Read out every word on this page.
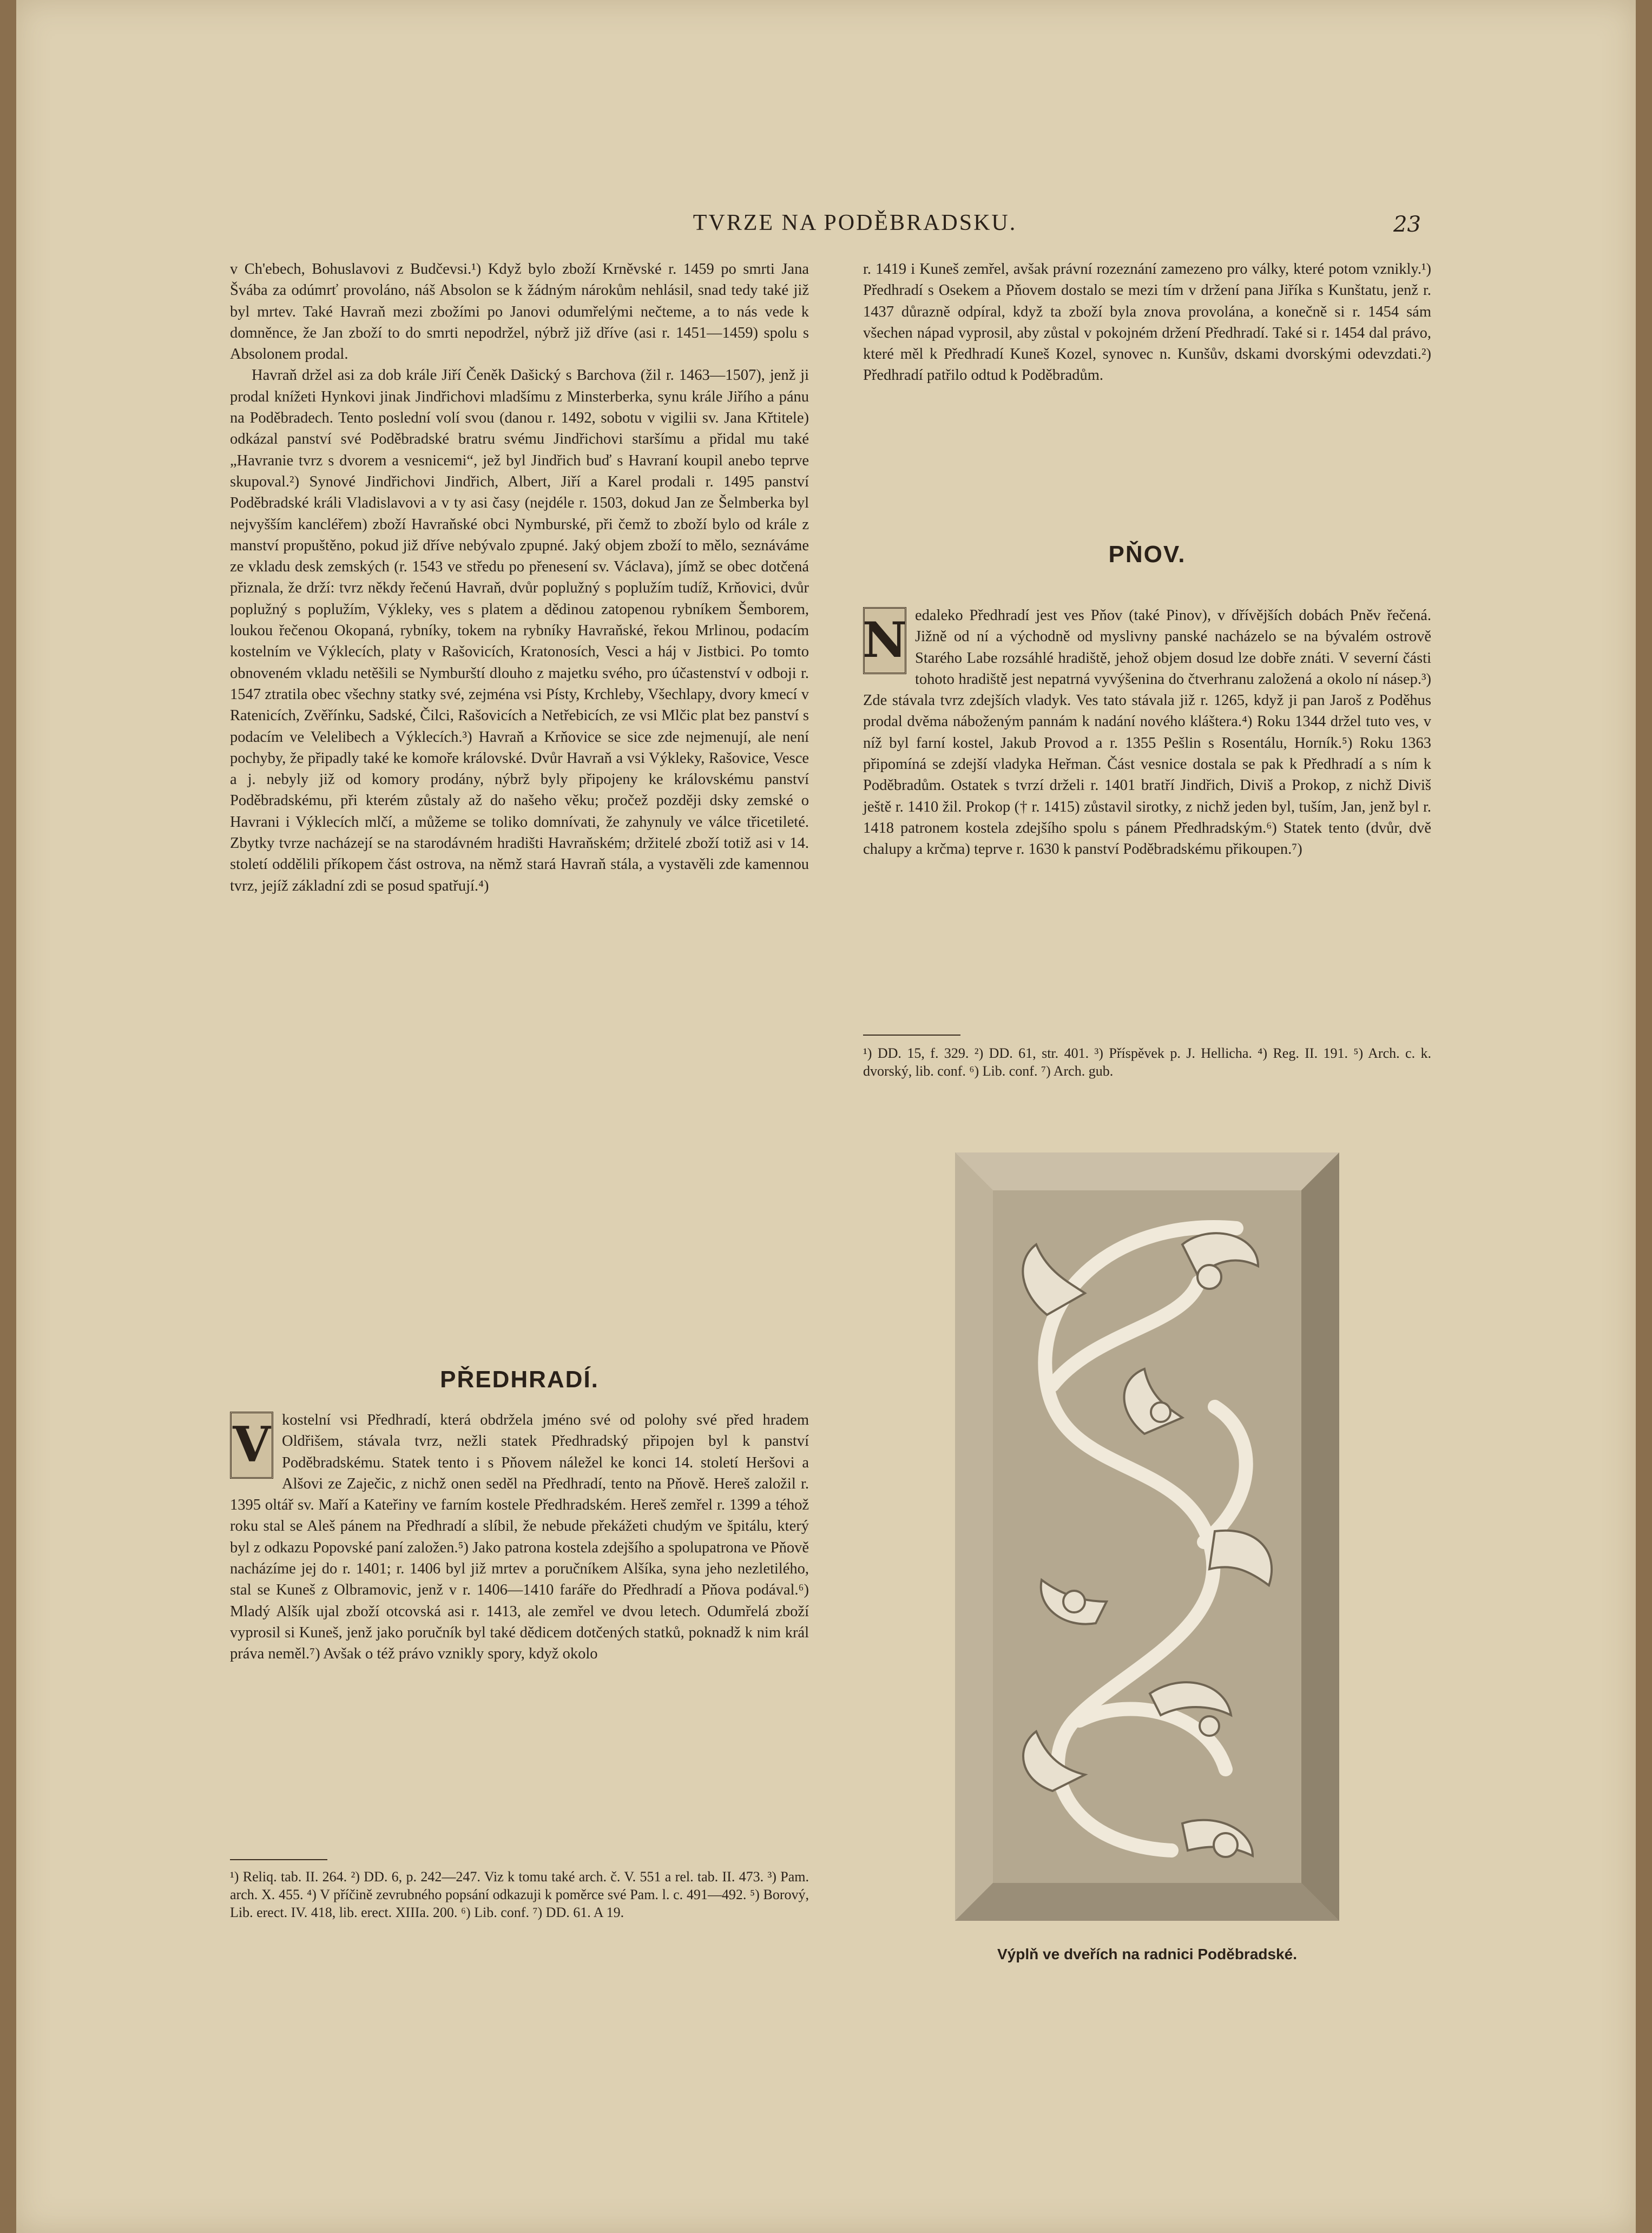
TVRZE NA PODĚBRADSKU.	23

v Ch'ebech, Bohuslavovi z Budčevsi.¹) Když bylo zboží Krněvské r. 1459 po smrti Jana Švába za odúmrť provoláno, náš Absolon se k žádným nárokům nehlásil, snad tedy také již byl mrtev. Také Havraň mezi zbožími po Janovi odumřelými nečteme, a to nás vede k domněnce, že Jan zboží to do smrti nepodržel, nýbrž již dříve (asi r. 1451—1459) spolu s Absolonem prodal.

Havraň držel asi za dob krále Jiří Čeněk Dašický s Barchova (žil r. 1463—1507), jenž ji prodal knížeti Hynkovi jinak Jindřichovi mladšímu z Minsterberka, synu krále Jiřího a pánu na Poděbradech. Tento poslední volí svou (danou r. 1492, sobotu v vigilii sv. Jana Křtitele) odkázal panství své Poděbradské bratru svému Jindřichovi staršímu a přidal mu také „Havranie tvrz s dvorem a vesnicemi“, jež byl Jindřich buď s Havraní koupil anebo teprve skupoval.²) Synové Jindřichovi Jindřich, Albert, Jiří a Karel prodali r. 1495 panství Poděbradské králi Vladislavovi a v ty asi časy (nejdéle r. 1503, dokud Jan ze Šelmberka byl nejvyšším kancléřem) zboží Havraňské obci Nymburské, při čemž to zboží bylo od krále z manství propuštěno, pokud již dříve nebývalo zpupné. Jaký objem zboží to mělo, seznáváme ze vkladu desk zemských (r. 1543 ve středu po přenesení sv. Václava), jímž se obec dotčená přiznala, že drží: tvrz někdy řečenú Havraň, dvůr poplužný s poplužím tudíž, Krňovici, dvůr poplužný s poplužím, Výkleky, ves s platem a dědinou zatopenou rybníkem Šemborem, loukou řečenou Okopaná, rybníky, tokem na rybníky Havraňské, řekou Mrlinou, podacím kostelním ve Výklecích, platy v Rašovicích, Kratonosích, Vesci a háj v Jistbici. Po tomto obnoveném vkladu netěšili se Nymburští dlouho z majetku svého, pro účastenství v odboji r. 1547 ztratila obec všechny statky své, zejména vsi Písty, Krchleby, Všechlapy, dvory kmecí v Ratenicích, Zvěřínku, Sadské, Čilci, Rašovicích a Netřebicích, ze vsi Mlčic plat bez panství s podacím ve Velelibech a Výklecích.³) Havraň a Krňovice se sice zde nejmenují, ale není pochyby, že připadly také ke komoře královské. Dvůr Havraň a vsi Výkleky, Rašovice, Vesce a j. nebyly již od komory prodány, nýbrž byly připojeny ke královskému panství Poděbradskému, při kterém zůstaly až do našeho věku; pročež později dsky zemské o Havrani i Výklecích mlčí, a můžeme se toliko domnívati, že zahynuly ve válce třicetileté. Zbytky tvrze nacházejí se na starodávném hradišti Havraňském; držitelé zboží totiž asi v 14. století oddělili příkopem část ostrova, na němž stará Havraň stála, a vystavěli zde kamennou tvrz, jejíž základní zdi se posud spatřují.⁴)

PŘEDHRADÍ.
V kostelní vsi Předhradí, která obdržela jméno své od polohy své před hradem Oldřišem, stávala tvrz, nežli statek Předhradský připojen byl k panství Poděbradskému. Statek tento i s Pňovem náležel ke konci 14. století Heršovi a Alšovi ze Zaječic, z nichž onen seděl na Předhradí, tento na Pňově. Hereš založil r. 1395 oltář sv. Maří a Kateřiny ve farním kostele Předhradském. Hereš zemřel r. 1399 a téhož roku stal se Aleš pánem na Předhradí a slíbil, že nebude překážeti chudým ve špitálu, který byl z odkazu Popovské paní založen.⁵) Jako patrona kostela zdejšího a spolupatrona ve Pňově nacházíme jej do r. 1401; r. 1406 byl již mrtev a poručníkem Alšíka, syna jeho nezletilého, stal se Kuneš z Olbramovic, jenž v r. 1406—1410 faráře do Předhradí a Pňova podával.⁶) Mladý Alšík ujal zboží otcovská asi r. 1413, ale zemřel ve dvou letech. Odumřelá zboží vyprosil si Kuneš, jenž jako poručník byl také dědicem dotčených statků, poknadž k nim král práva neměl.⁷) Avšak o též právo vznikly spory, když okolo

¹) Reliq. tab. II. 264. ²) DD. 6, p. 242—247. Viz k tomu také arch. č. V. 551 a rel. tab. II. 473. ³) Pam. arch. X. 455. ⁴) V příčině zevrubného popsání odkazuji k poměrce své Pam. l. c. 491—492. ⁵) Borový, Lib. erect. IV. 418, lib. erect. XIIIa. 200. ⁶) Lib. conf. ⁷) DD. 61. A 19.

r. 1419 i Kuneš zemřel, avšak právní rozeznání zamezeno pro války, které potom vznikly.¹) Předhradí s Osekem a Pňovem dostalo se mezi tím v držení pana Jiříka s Kunštatu, jenž r. 1437 důrazně odpíral, když ta zboží byla znova provolána, a konečně si r. 1454 sám všechen nápad vyprosil, aby zůstal v pokojném držení Předhradí. Také si r. 1454 dal právo, které měl k Předhradí Kuneš Kozel, synovec n. Kunšův, dskami dvorskými odevzdati.²) Předhradí patřilo odtud k Poděbradům.

PŇOV.
N edaleko Předhradí jest ves Pňov (také Pinov), v dřívějších dobách Pněv řečená. Jižně od ní a východně od myslivny panské nacházelo se na bývalém ostrově Starého Labe rozsáhlé hradiště, jehož objem dosud lze dobře znáti. V severní části tohoto hradiště jest nepatrná vyvýšenina do čtverhranu založená a okolo ní násep.³) Zde stávala tvrz zdejších vladyk. Ves tato stávala již r. 1265, když ji pan Jaroš z Poděhus prodal dvěma náboženým pannám k nadání nového kláštera.⁴) Roku 1344 držel tuto ves, v níž byl farní kostel, Jakub Provod a r. 1355 Pešlin s Rosentálu, Horník.⁵) Roku 1363 připomíná se zdejší vladyka Heřman. Část vesnice dostala se pak k Předhradí a s ním k Poděbradům. Ostatek s tvrzí drželi r. 1401 bratří Jindřich, Diviš a Prokop, z nichž Diviš ještě r. 1410 žil. Prokop († r. 1415) zůstavil sirotky, z nichž jeden byl, tuším, Jan, jenž byl r. 1418 patronem kostela zdejšího spolu s pánem Předhradským.⁶) Statek tento (dvůr, dvě chalupy a krčma) teprve r. 1630 k panství Poděbradskému přikoupen.⁷)

¹) DD. 15, f. 329. ²) DD. 61, str. 401. ³) Příspěvek p. J. Hellicha. ⁴) Reg. II. 191. ⁵) Arch. c. k. dvorský, lib. conf. ⁶) Lib. conf. ⁷) Arch. gub.
Výplň ve dveřích na radnici Poděbradské.
